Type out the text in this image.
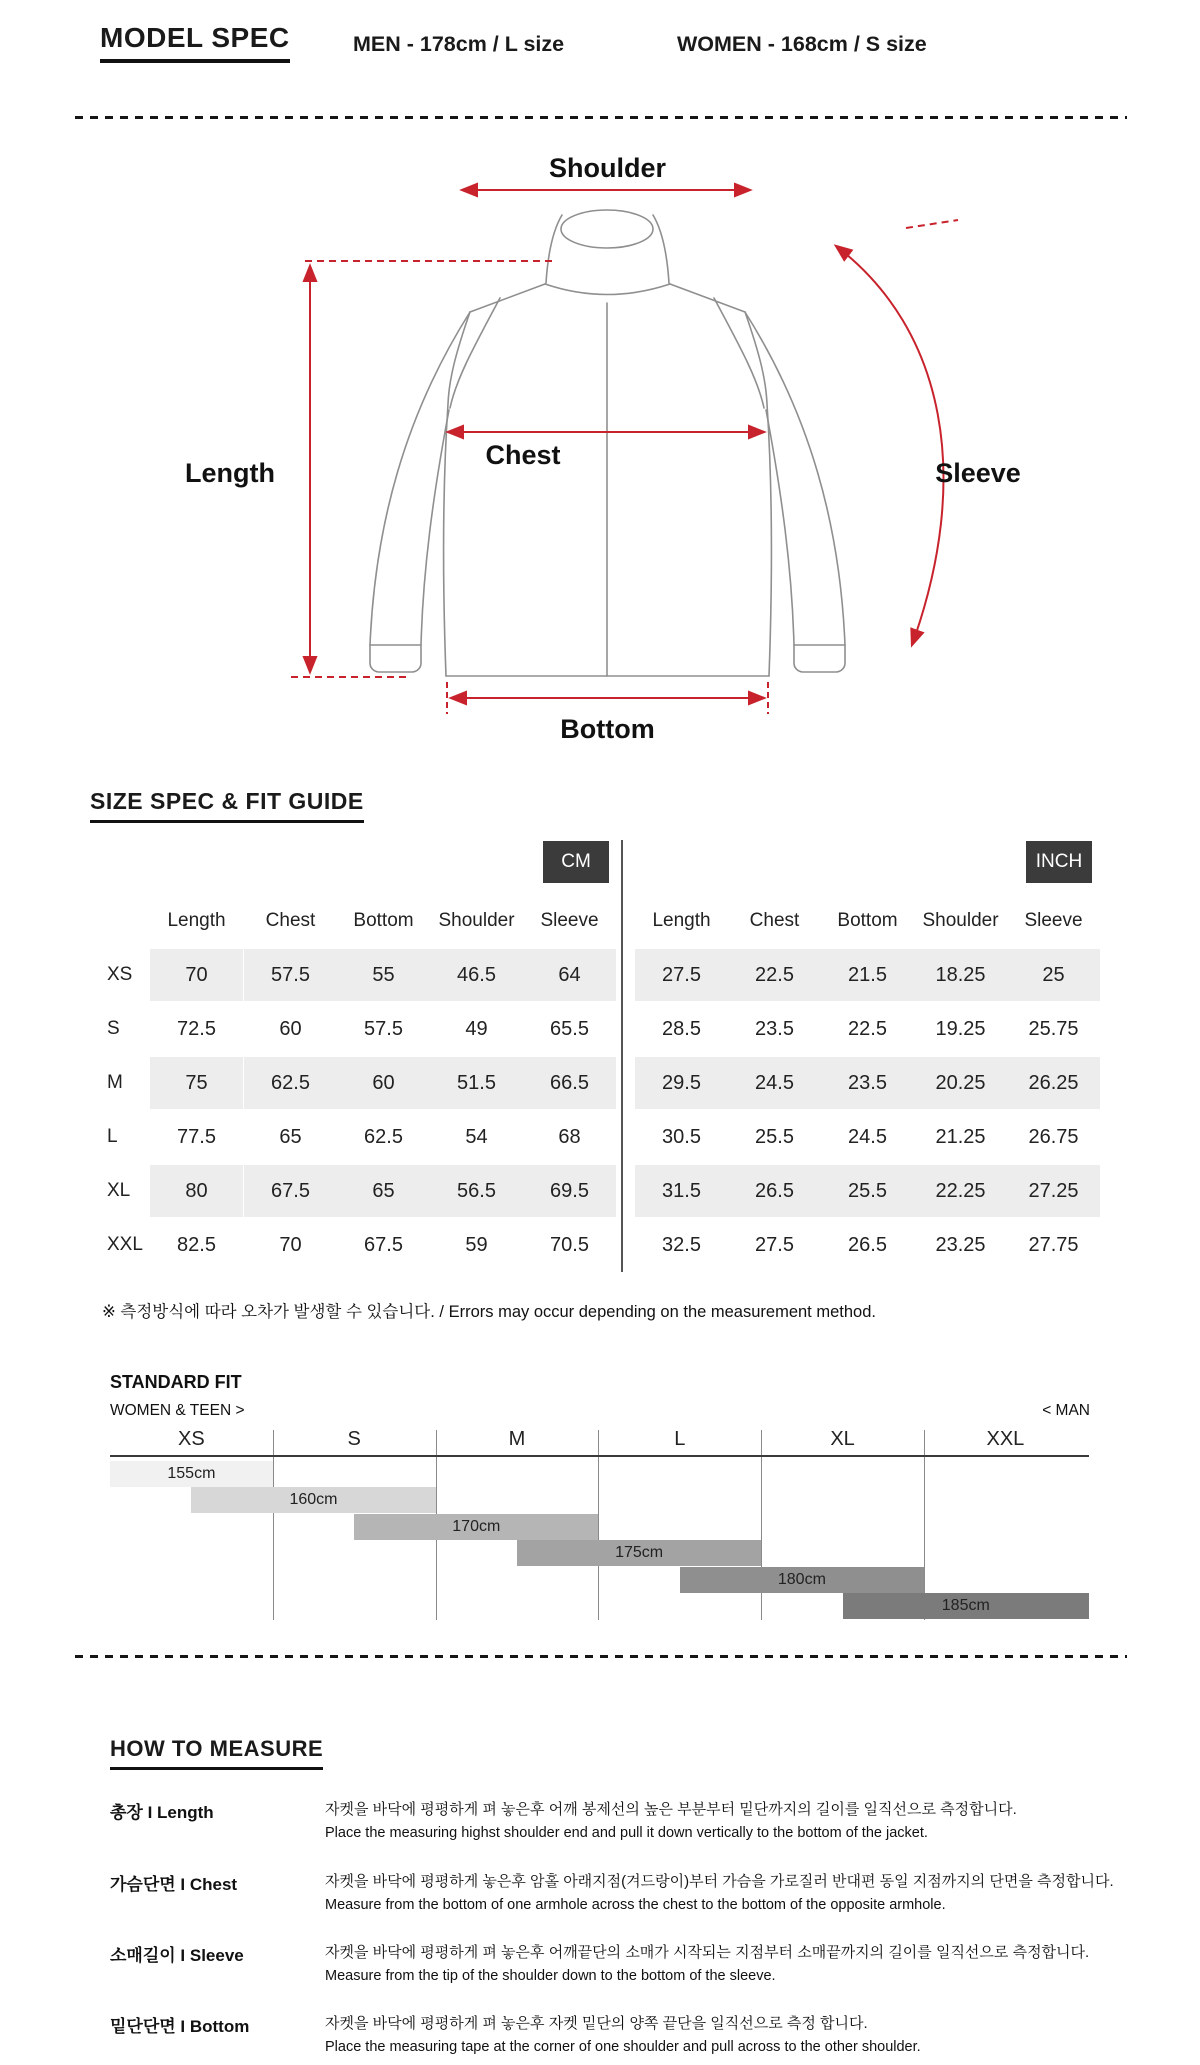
MODEL SPEC	MEN - 178cm / L size	WOMEN - 168cm / S size
Shoulder
Length
Chest
Sleeve
Bottom
SIZE SPEC & FIT GUIDE
CM	INCH
Length	Chest	Bottom	Shoulder	Sleeve	Length	Chest	Bottom	Shoulder	Sleeve
XS	70	57.5	55	46.5	64	27.5	22.5	21.5	18.25	25
S	72.5	60	57.5	49	65.5	28.5	23.5	22.5	19.25	25.75
M	75	62.5	60	51.5	66.5	29.5	24.5	23.5	20.25	26.25
L	77.5	65	62.5	54	68	30.5	25.5	24.5	21.25	26.75
XL	80	67.5	65	56.5	69.5	31.5	26.5	25.5	22.25	27.25
XXL	82.5	70	67.5	59	70.5	32.5	27.5	26.5	23.25	27.75
※ 측정방식에 따라 오차가 발생할 수 있습니다. / Errors may occur depending on the measurement method.
STANDARD FIT
WOMEN & TEEN >	< MAN
XS	S	M	L	XL	XXL
155cm
160cm
170cm
175cm
180cm
185cm
HOW TO MEASURE
총장 I Length	자켓을 바닥에 평평하게 펴 놓은후 어깨 봉제선의 높은 부분부터 밑단까지의 길이를 일직선으로 측정합니다.
Place the measuring highst shoulder end and pull it down vertically to the bottom of the jacket.
가슴단면 I Chest	자켓을 바닥에 평평하게 놓은후 암홀 아래지점(겨드랑이)부터 가슴을 가로질러 반대편 동일 지점까지의 단면을 측정합니다.
Measure from the bottom of one armhole across the chest to the bottom of the opposite armhole.
소매길이 I Sleeve	자켓을 바닥에 평평하게 펴 놓은후 어깨끝단의 소매가 시작되는 지점부터 소매끝까지의 길이를 일직선으로 측정합니다.
Measure from the tip of the shoulder down to the bottom of the sleeve.
밑단단면 I Bottom	자켓을 바닥에 평평하게 펴 놓은후 자켓 밑단의 양쪽 끝단을 일직선으로 측정 합니다.
Place the measuring tape at the corner of one shoulder and pull across to the other shoulder.
